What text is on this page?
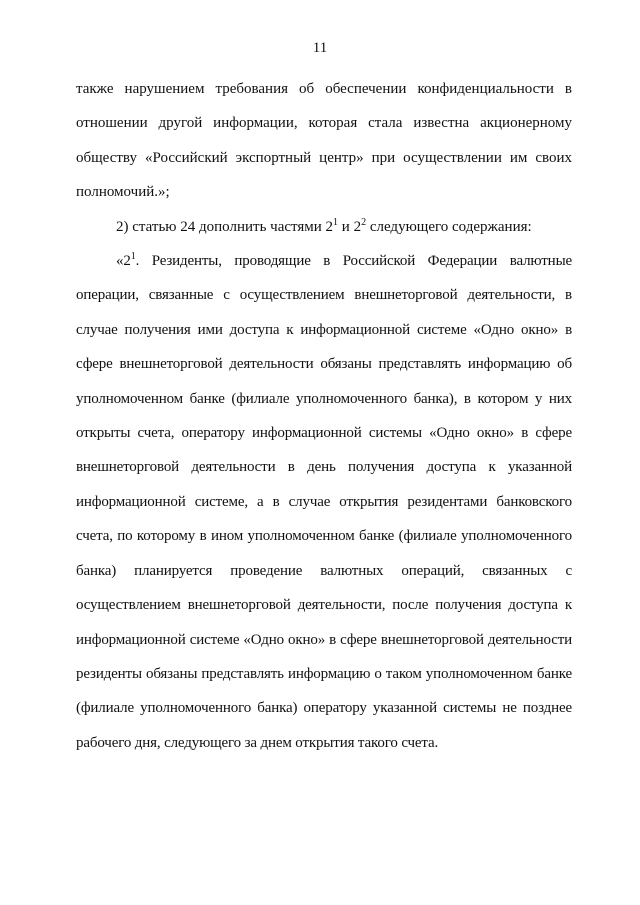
11

также нарушением требования об обеспечении конфиденциальности в отношении другой информации, которая стала известна акционерному обществу «Российский экспортный центр» при осуществлении им своих полномочий.»;

2) статью 24 дополнить частями $2^1$ и $2^2$ следующего содержания:

«$2^1$. Резиденты, проводящие в Российской Федерации валютные операции, связанные с осуществлением внешнеторговой деятельности, в случае получения ими доступа к информационной системе «Одно окно» в сфере внешнеторговой деятельности обязаны представлять информацию об уполномоченном банке (филиале уполномоченного банка), в котором у них открыты счета, оператору информационной системы «Одно окно» в сфере внешнеторговой деятельности в день получения доступа к указанной информационной системе, а в случае открытия резидентами банковского счета, по которому в ином уполномоченном банке (филиале уполномоченного банка) планируется проведение валютных операций, связанных с осуществлением внешнеторговой деятельности, после получения доступа к информационной системе «Одно окно» в сфере внешнеторговой деятельности резиденты обязаны представлять информацию о таком уполномоченном банке (филиале уполномоченного банка) оператору указанной системы не позднее рабочего дня, следующего за днем открытия такого счета.
